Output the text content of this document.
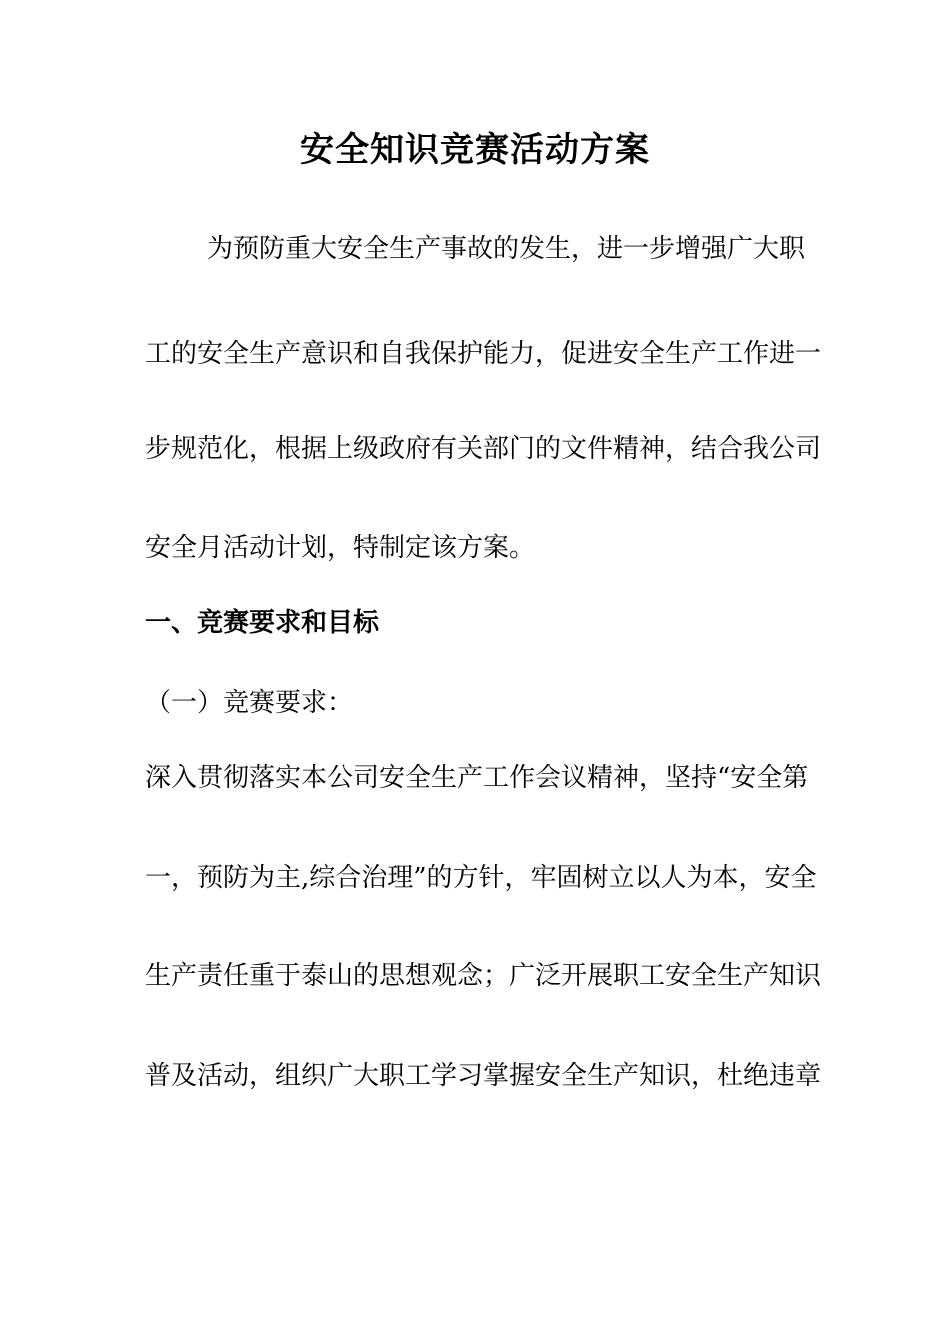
安全知识竞赛活动方案

为预防重大安全生产事故的发生，进一步增强广大职

工的安全生产意识和自我保护能力，促进安全生产工作进一

步规范化，根据上级政府有关部门的文件精神，结合我公司

安全月活动计划，特制定该方案。

一、竞赛要求和目标

（一）竞赛要求：

深入贯彻落实本公司安全生产工作会议精神，坚持“安全第

一，预防为主,综合治理”的方针，牢固树立以人为本，安全

生产责任重于泰山的思想观念；广泛开展职工安全生产知识

普及活动，组织广大职工学习掌握安全生产知识，杜绝违章
